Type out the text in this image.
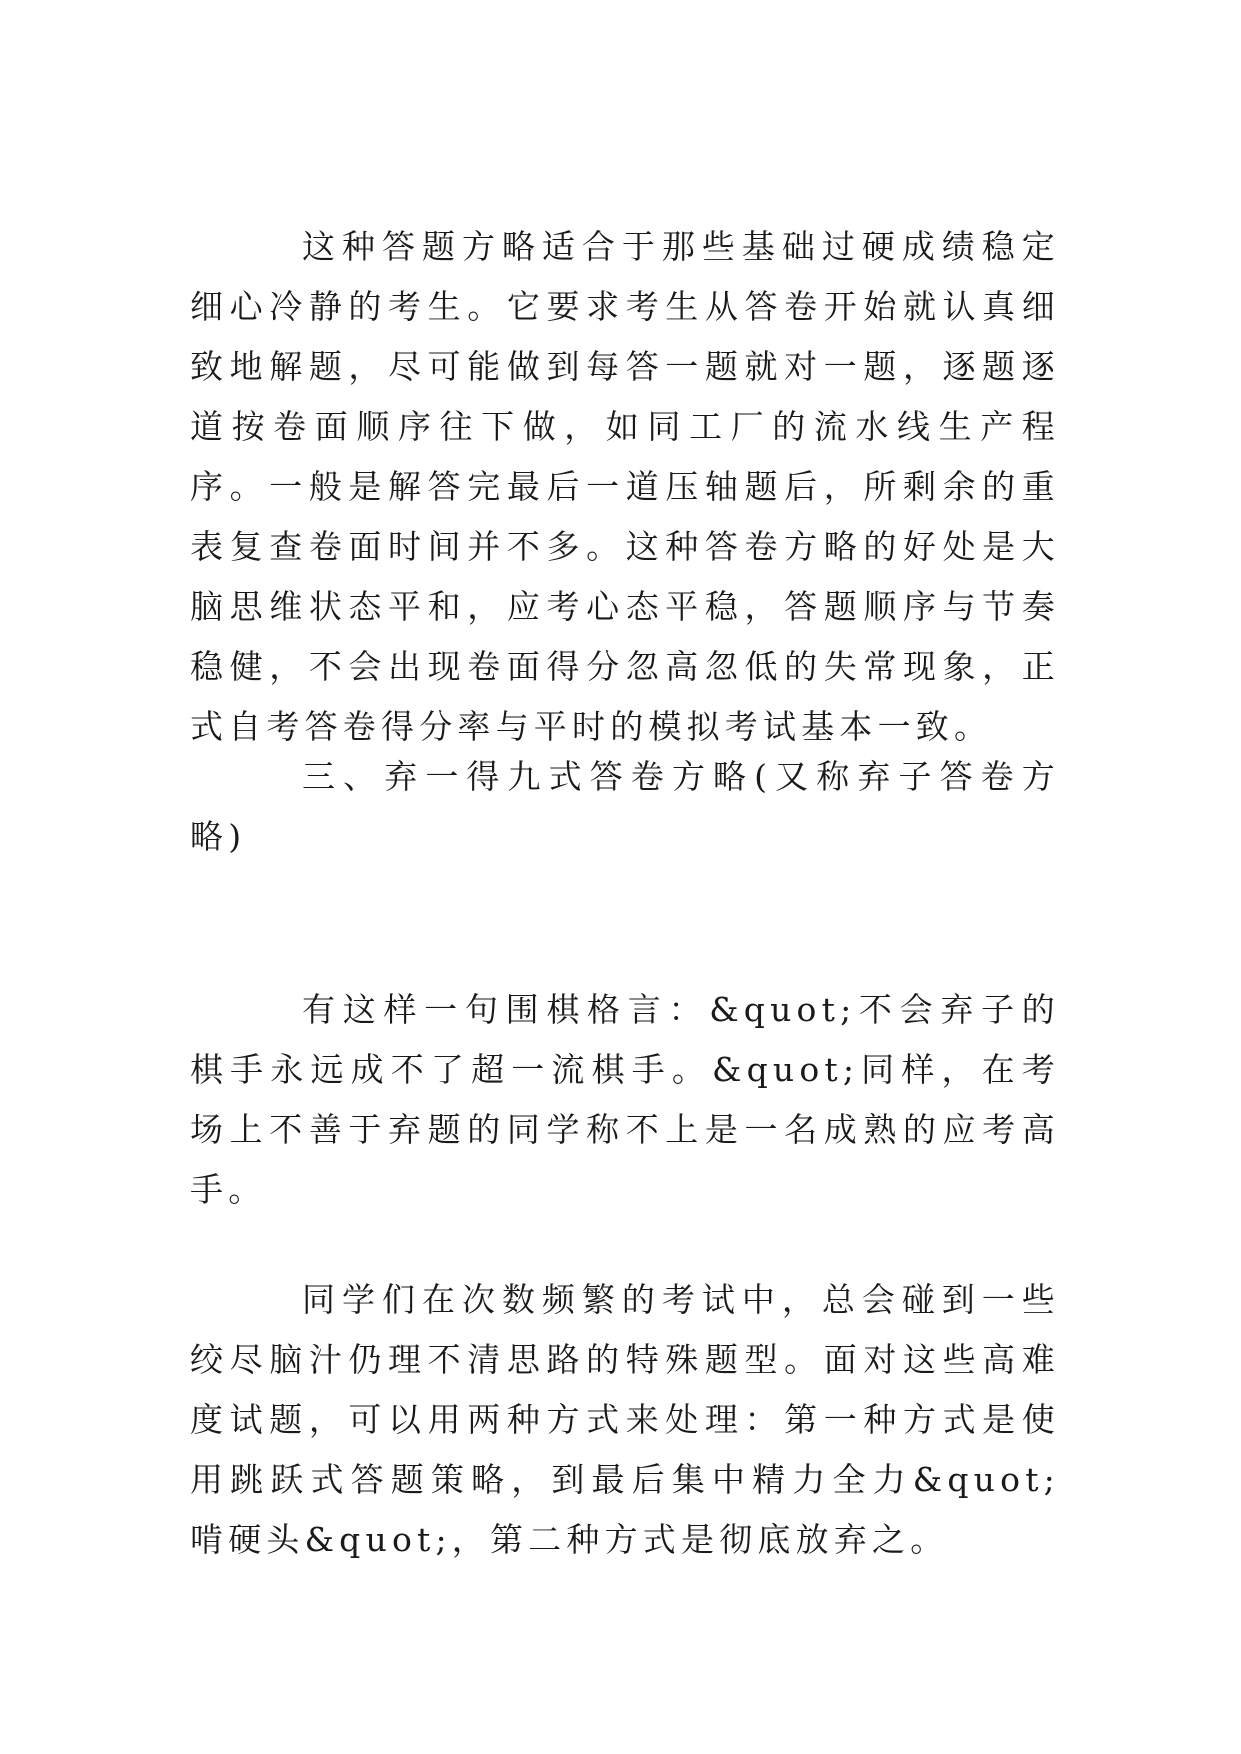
这种答题方略适合于那些基础过硬成绩稳定细心冷静的考生。它要求考生从答卷开始就认真细致地解题，尽可能做到每答一题就对一题，逐题逐道按卷面顺序往下做，如同工厂的流水线生产程序。一般是解答完最后一道压轴题后，所剩余的重表复查卷面时间并不多。这种答卷方略的好处是大脑思维状态平和，应考心态平稳，答题顺序与节奏稳健，不会出现卷面得分忽高忽低的失常现象，正式自考答卷得分率与平时的模拟考试基本一致。

三、弃一得九式答卷方略(又称弃子答卷方略)

有这样一句围棋格言：&quot;不会弃子的棋手永远成不了超一流棋手。&quot;同样，在考场上不善于弃题的同学称不上是一名成熟的应考高手。

同学们在次数频繁的考试中，总会碰到一些绞尽脑汁仍理不清思路的特殊题型。面对这些高难度试题，可以用两种方式来处理：第一种方式是使用跳跃式答题策略，到最后集中精力全力&quot;啃硬头&quot;，第二种方式是彻底放弃之。
